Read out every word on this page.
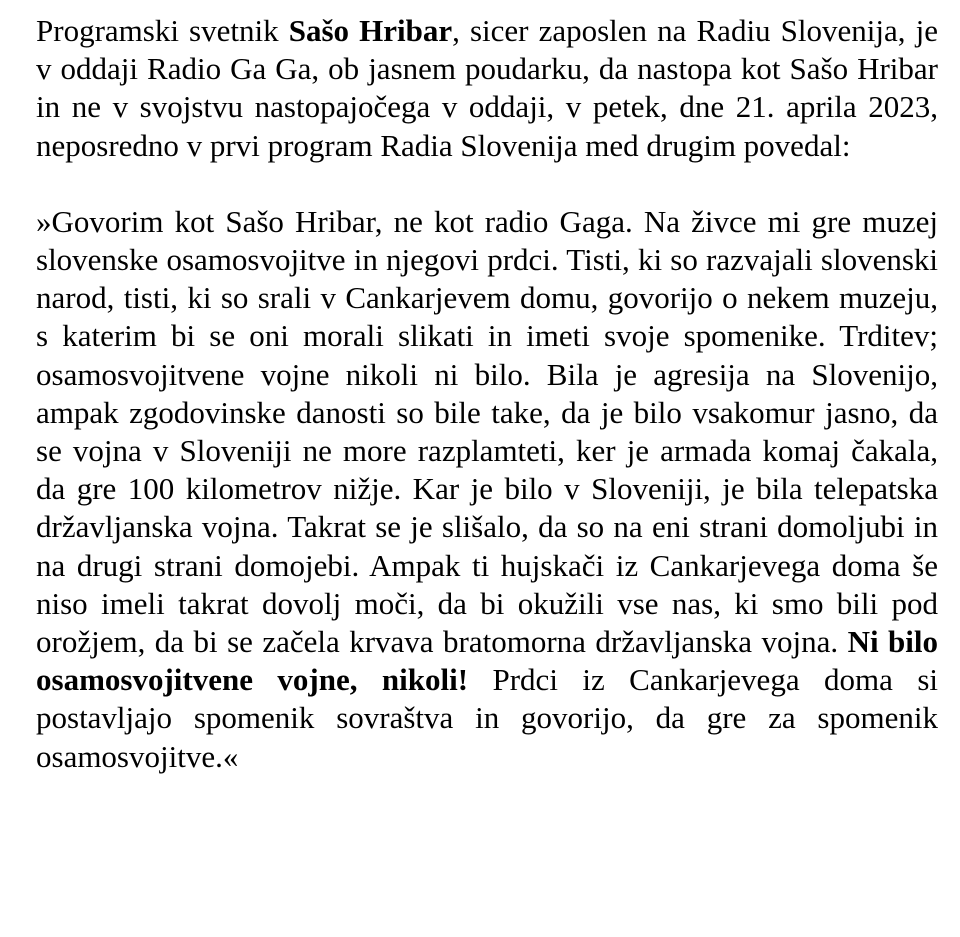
Programski svetnik Sašo Hribar, sicer zaposlen na Radiu Slovenija, je v oddaji Radio Ga Ga, ob jasnem poudarku, da nastopa kot Sašo Hribar in ne v svojstvu nastopajočega v oddaji, v petek, dne 21. aprila 2023, neposredno v prvi program Radia Slovenija med drugim povedal:

»Govorim kot Sašo Hribar, ne kot radio Gaga. Na živce mi gre muzej slovenske osamosvojitve in njegovi prdci. Tisti, ki so razvajali slovenski narod, tisti, ki so srali v Cankarjevem domu, govorijo o nekem muzeju, s katerim bi se oni morali slikati in imeti svoje spomenike. Trditev; osamosvojitvene vojne nikoli ni bilo. Bila je agresija na Slovenijo, ampak zgodovinske danosti so bile take, da je bilo vsakomur jasno, da se vojna v Sloveniji ne more razplamteti, ker je armada komaj čakala, da gre 100 kilometrov nižje. Kar je bilo v Sloveniji, je bila telepatska državljanska vojna. Takrat se je slišalo, da so na eni strani domoljubi in na drugi strani domojebi. Ampak ti hujskači iz Cankarjevega doma še niso imeli takrat dovolj moči, da bi okužili vse nas, ki smo bili pod orožjem, da bi se začela krvava bratomorna državljanska vojna. Ni bilo osamosvojitvene vojne, nikoli! Prdci iz Cankarjevega doma si postavljajo spomenik sovraštva in govorijo, da gre za spomenik osamosvojitve.«
